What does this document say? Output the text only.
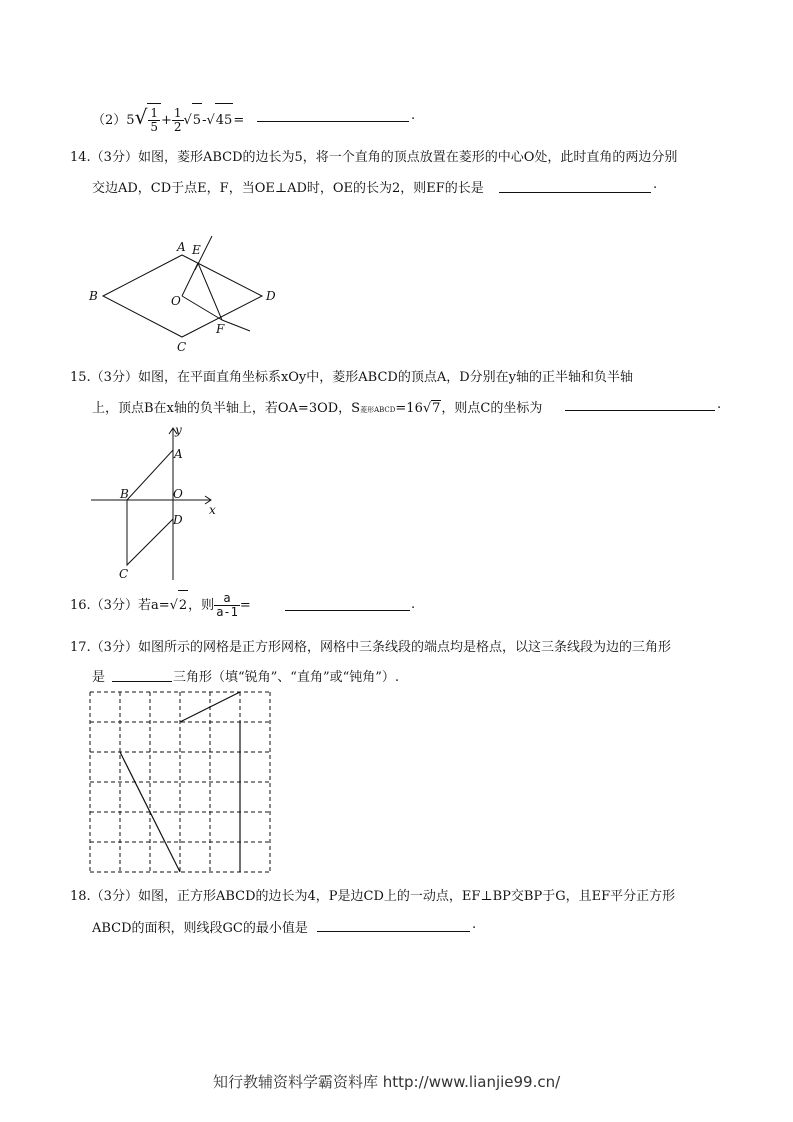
$(2)5√ \frac{1}{5} + \frac{1}{2} √5-√45=$	.
14.（3分）如图，菱形ABCD的边长为5，将一个直角的顶点放置在菱形的中心O处，此时直角的两边分别
交边AD，CD于点E，F，当OE⊥AD时，OE的长为2，则EF的长是	.
A E
B	O	D
F
C
15.（3分）如图，在平面直角坐标系xOy中，菱形ABCD的顶点A，D分别在y轴的正半轴和负半轴
上，顶点B在x轴的负半轴上，若OA=3OD，S菱形ABCD=16√7，则点C的坐标为	.
y
x
A
B	O
D
C
16.（3分）若a=√2，则 $\frac{a}{a-1}$ =	.
17.（3分）如图所示的网格是正方形网格，网格中三条线段的端点均是格点，以这三条线段为边的三角形
是	三角形（填“锐角”、“直角”或“钝角”）.
18.（3分）如图，正方形ABCD的边长为4，P是边CD上的一动点，EF⊥BP交BP于G，且EF平分正方形
ABCD的面积，则线段GC的最小值是	.
知行教辅资料学霸资料库 http://www.lianjie99.cn/
